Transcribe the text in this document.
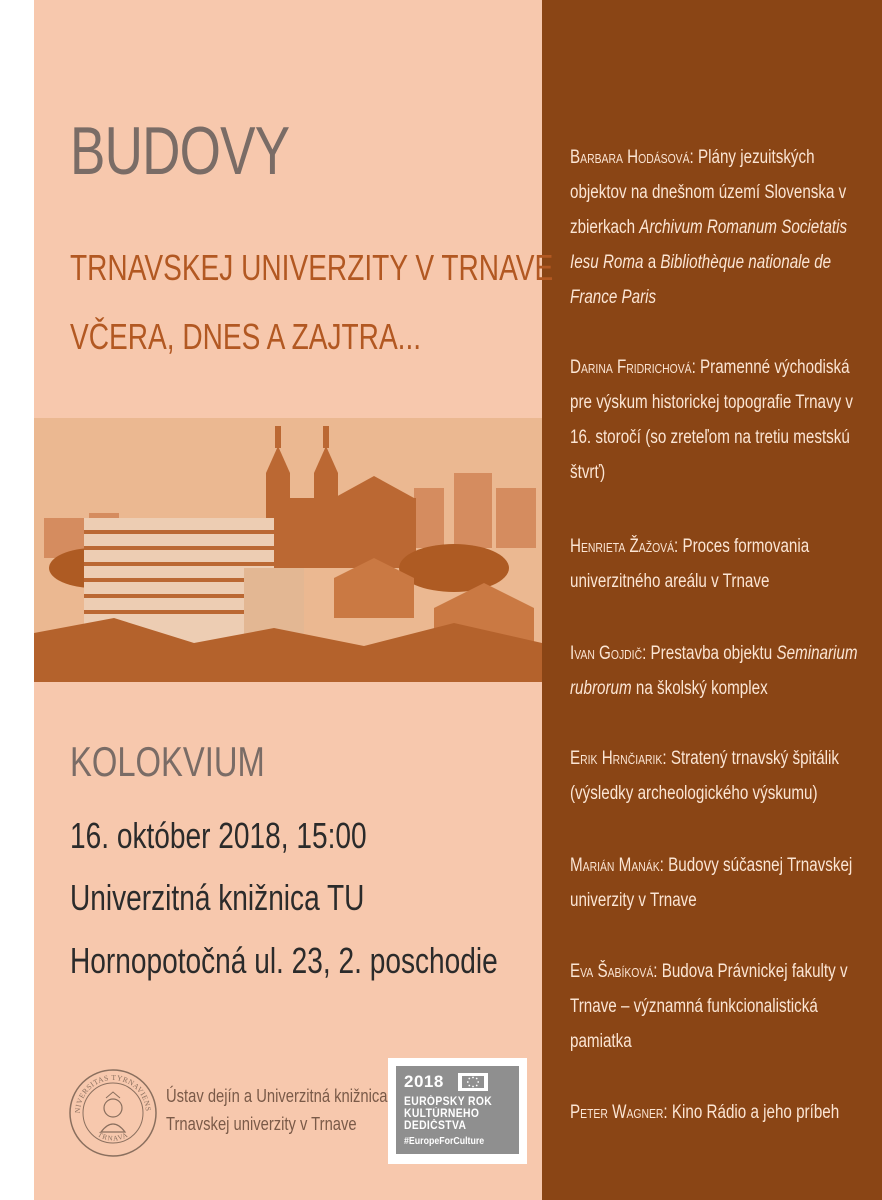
BUDOVY
TRNAVSKEJ UNIVERZITY V TRNAVE
VČERA, DNES A ZAJTRA...
KOLOKVIUM
16. október 2018, 15:00
Univerzitná knižnica TU
Hornopotočná ul. 23, 2. poschodie
NIVERSITAS TYRNAVIENS
TRNAVA
Ústav dejín a Univerzitná knižnica
Trnavskej univerzity v Trnave
2018
EURÓPSKY ROK
KULTÚRNEHO
DEDIČSTVA
#EuropeForCulture
Barbara Hodásová: Plány jezuitských objektov na dnešnom území Slovenska v zbierkach Archivum Romanum Societatis Iesu Roma a Bibliothèque nationale de France Paris
Darina Fridrichová: Pramenné východiská pre výskum historickej topografie Trnavy v 16. storočí (so zreteľom na tretiu mestskú štvrť)
Henrieta Žažová: Proces formovania univerzitného areálu v Trnave
Ivan Gojdič: Prestavba objektu Seminarium rubrorum na školský komplex
Erik Hrnčiarik: Stratený trnavský špitálik (výsledky archeologického výskumu)
Marián Manák: Budovy súčasnej Trnavskej univerzity v Trnave
Eva Šabíková: Budova Právnickej fakulty v Trnave – významná funkcionalistická pamiatka
Peter Wagner: Kino Rádio a jeho príbeh
